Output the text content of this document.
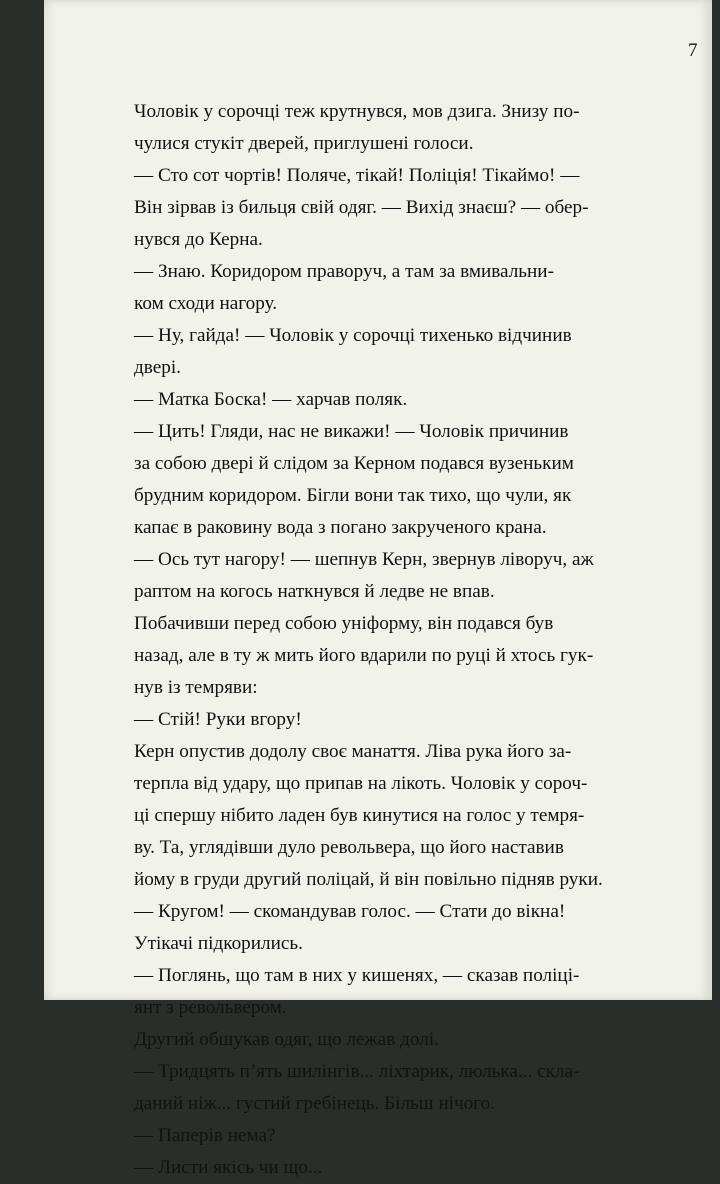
7
Чоловік у сорочці теж крутнувся, мов дзига. Знизу по-
чулися стукіт дверей, приглушені голоси.
— Сто сот чортів! Поляче, тікай! Поліція! Тікаймо! —
Він зірвав із бильця свій одяг. — Вихід знаєш? — обер-
нувся до Керна.
— Знаю. Коридором праворуч, а там за вмивальни-
ком сходи нагору.
— Ну, гайда! — Чоловік у сорочці тихенько відчинив
двері.
— Матка Боска! — харчав поляк.
— Цить! Гляди, нас не викажи! — Чоловік причинив
за собою двері й слідом за Керном подався вузеньким
брудним коридором. Бігли вони так тихо, що чули, як
капає в раковину вода з погано закрученого крана.
— Ось тут нагору! — шепнув Керн, звернув ліворуч, аж
раптом на когось наткнувся й ледве не впав.
Побачивши перед собою уніформу, він подався був
назад, але в ту ж мить його вдарили по руці й хтось гук-
нув із темряви:
— Стій! Руки вгору!
Керн опустив додолу своє манаття. Ліва рука його за-
терпла від удару, що припав на лікоть. Чоловік у сороч-
ці спершу нібито ладен був кинутися на голос у темря-
ву. Та, углядівши дуло револьвера, що його наставив
йому в груди другий поліцай, й він повільно підняв руки.
— Кругом! — скомандував голос. — Стати до вікна!
Утікачі підкорились.
— Поглянь, що там в них у кишенях, — сказав поліці-
янт з револьвером.
Другий обшукав одяг, що лежав долі.
— Тридцять п’ять шилінгів... ліхтарик, люлька... скла-
даний ніж... густий гребінець. Більш нічого.
— Паперів нема?
— Листи якісь чи що...
